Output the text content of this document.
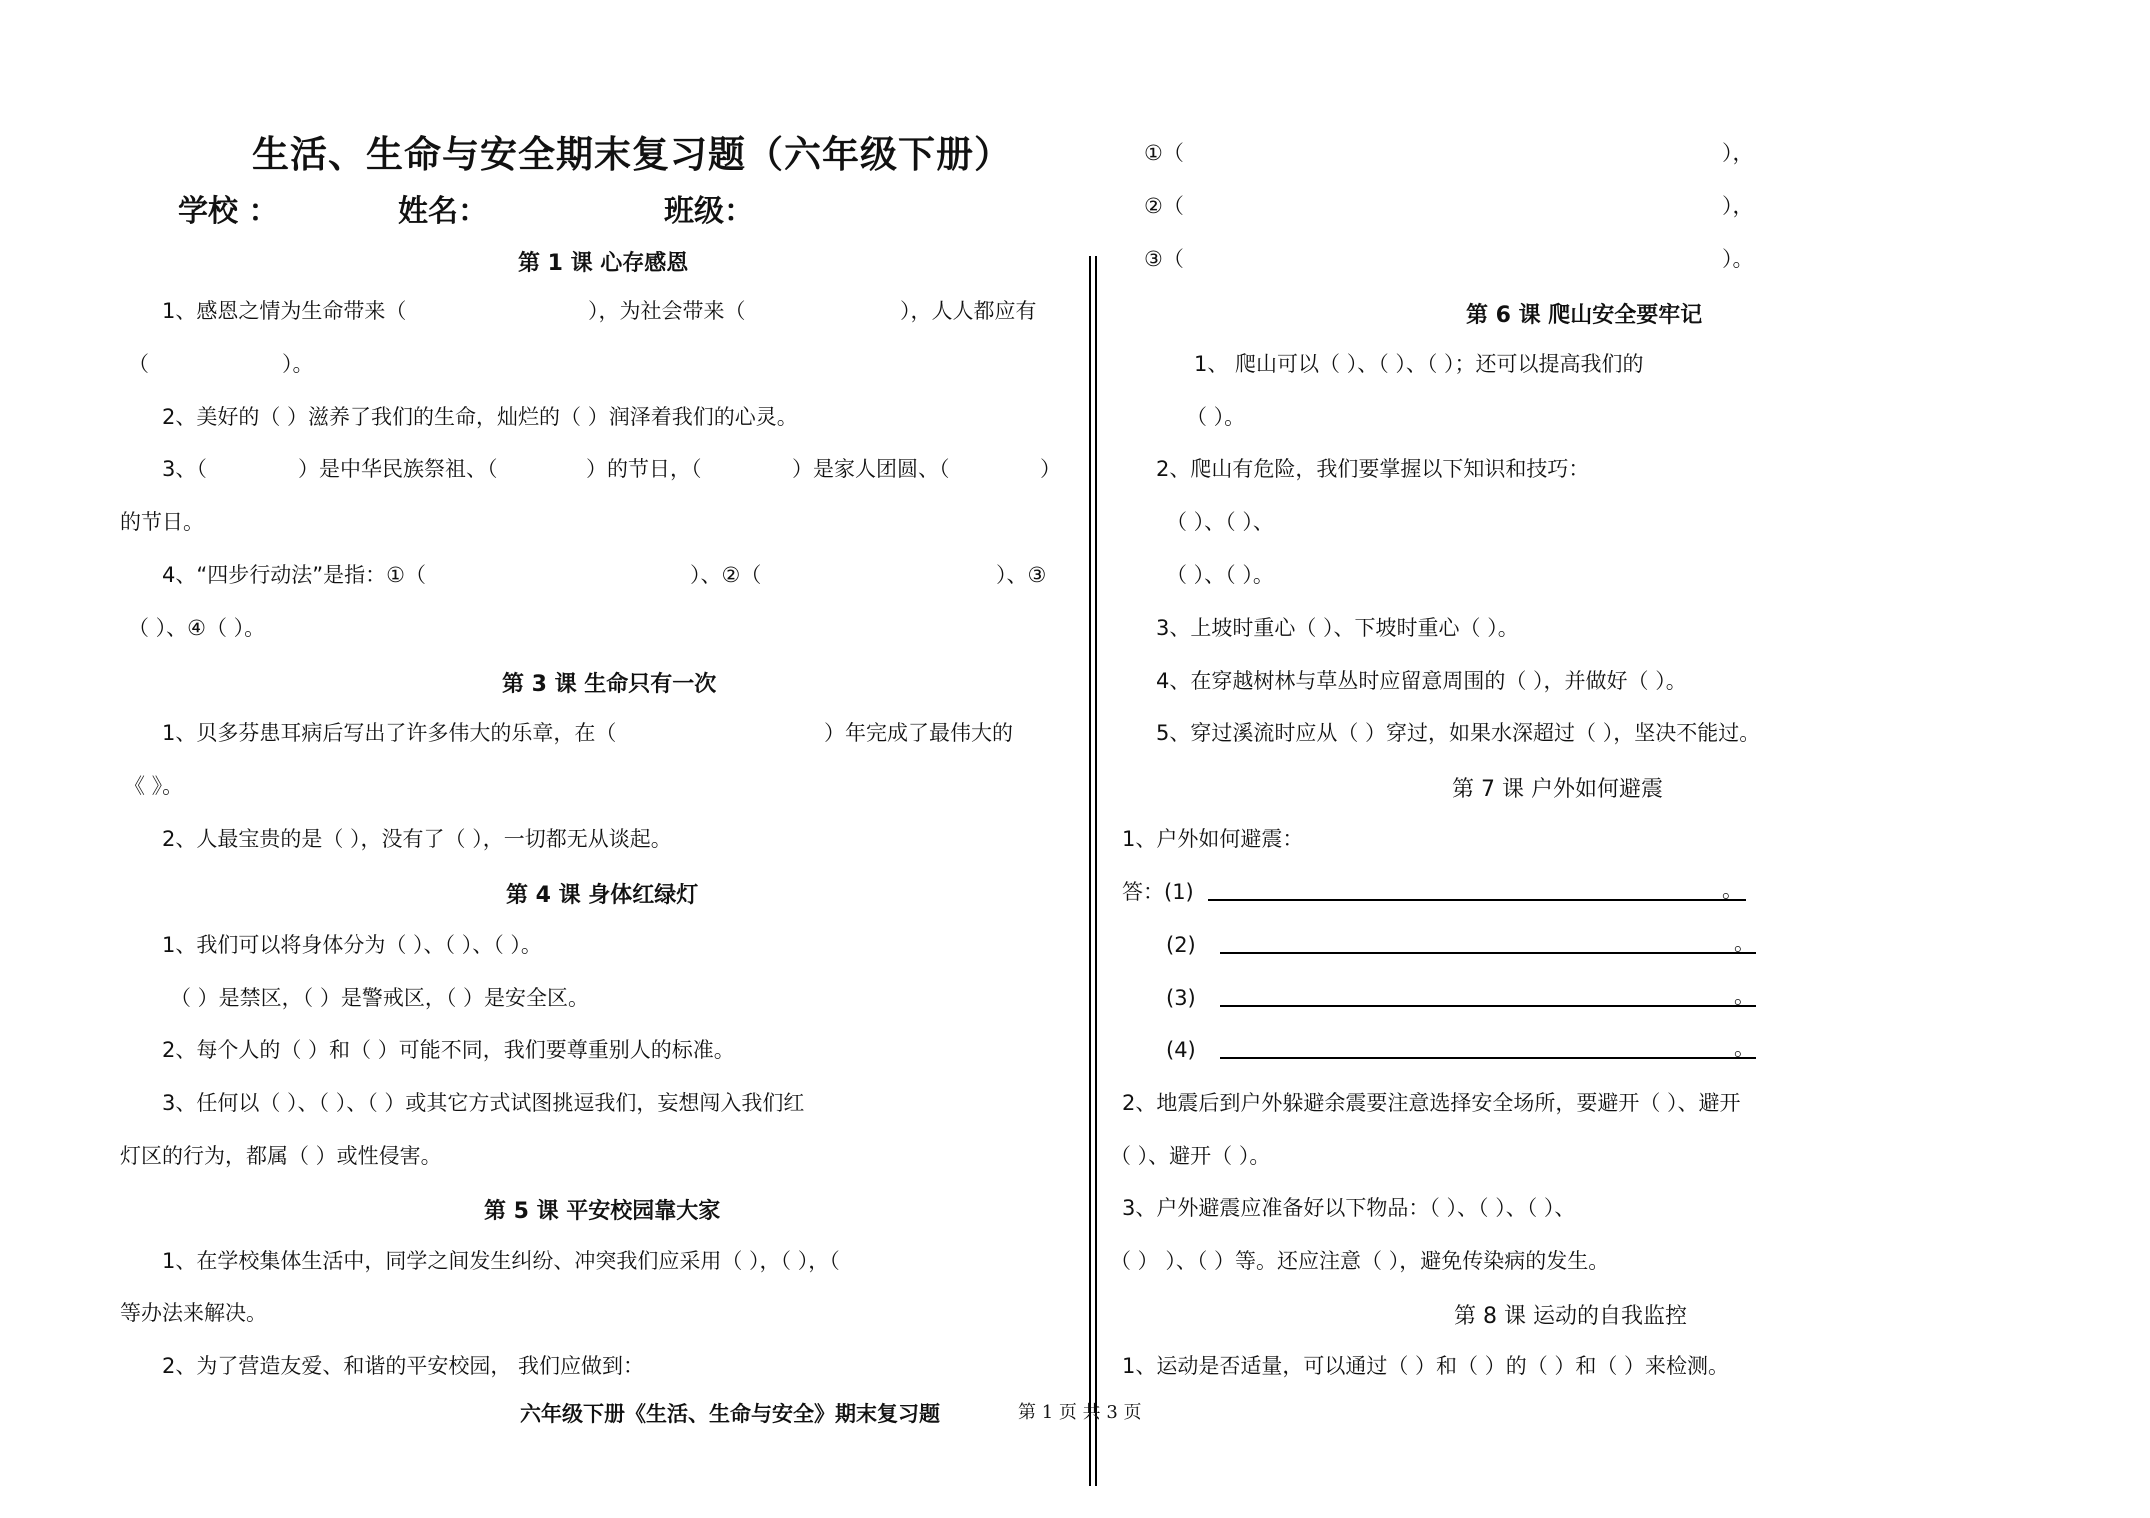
生活、生命与安全期末复习题（六年级下册）
学校 ：	姓名：	班级：
第 1 课 心存感恩
1、感恩之情为生命带来（	），为社会带来（	），人人都应有
（	）。
2、美好的（ ）滋养了我们的生命，灿烂的（ ）润泽着我们的心灵。
3、（	）是中华民族祭祖、（	）的节日，（	）是家人团圆、（	）
的节日。
4、“四步行动法”是指：①（	）、②（	）、③
（ ）、④（ ）。
第 3 课 生命只有一次
1、贝多芬患耳病后写出了许多伟大的乐章，在（	）年完成了最伟大的
《 》。
2、人最宝贵的是（ ），没有了（ ），一切都无从谈起。
第 4 课 身体红绿灯
1、我们可以将身体分为（ ）、（ ）、（ ）。
（ ）是禁区，（ ）是警戒区，（ ）是安全区。
2、每个人的（ ）和（ ）可能不同，我们要尊重别人的标准。
3、任何以（ ）、（ ）、（ ）或其它方式试图挑逗我们，妄想闯入我们红
灯区的行为，都属（ ）或性侵害。
第 5 课 平安校园靠大家
1、在学校集体生活中，同学之间发生纠纷、冲突我们应采用（ ），（ ），（
等办法来解决。
2、为了营造友爱、和谐的平安校园， 我们应做到：
①（	），
②（	），
③（	）。
第 6 课 爬山安全要牢记
1、 爬山可以（ ）、（ ）、（ ）；还可以提高我们的
（ ）。
2、爬山有危险，我们要掌握以下知识和技巧：
（ ）、（ ）、
（ ）、（ ）。
3、上坡时重心（ ）、下坡时重心（ ）。
4、在穿越树林与草丛时应留意周围的（ ），并做好（ ）。
5、穿过溪流时应从（ ）穿过，如果水深超过（ ），坚决不能过。
第 7 课 户外如何避震
1、户外如何避震：
答：(1)	。
(2)	。
(3)	。
(4)	。
2、地震后到户外躲避余震要注意选择安全场所，要避开（ ）、避开
（ ）、避开（ ）。
3、户外避震应准备好以下物品：（ ）、（ ）、（ ）、
（ ） ）、（ ）等。还应注意（ ），避免传染病的发生。
第 8 课 运动的自我监控
1、运动是否适量，可以通过（ ）和（ ）的（ ）和（ ）来检测。
六年级下册《生活、生命与安全》期末复习题	第 1 页 共 3 页
